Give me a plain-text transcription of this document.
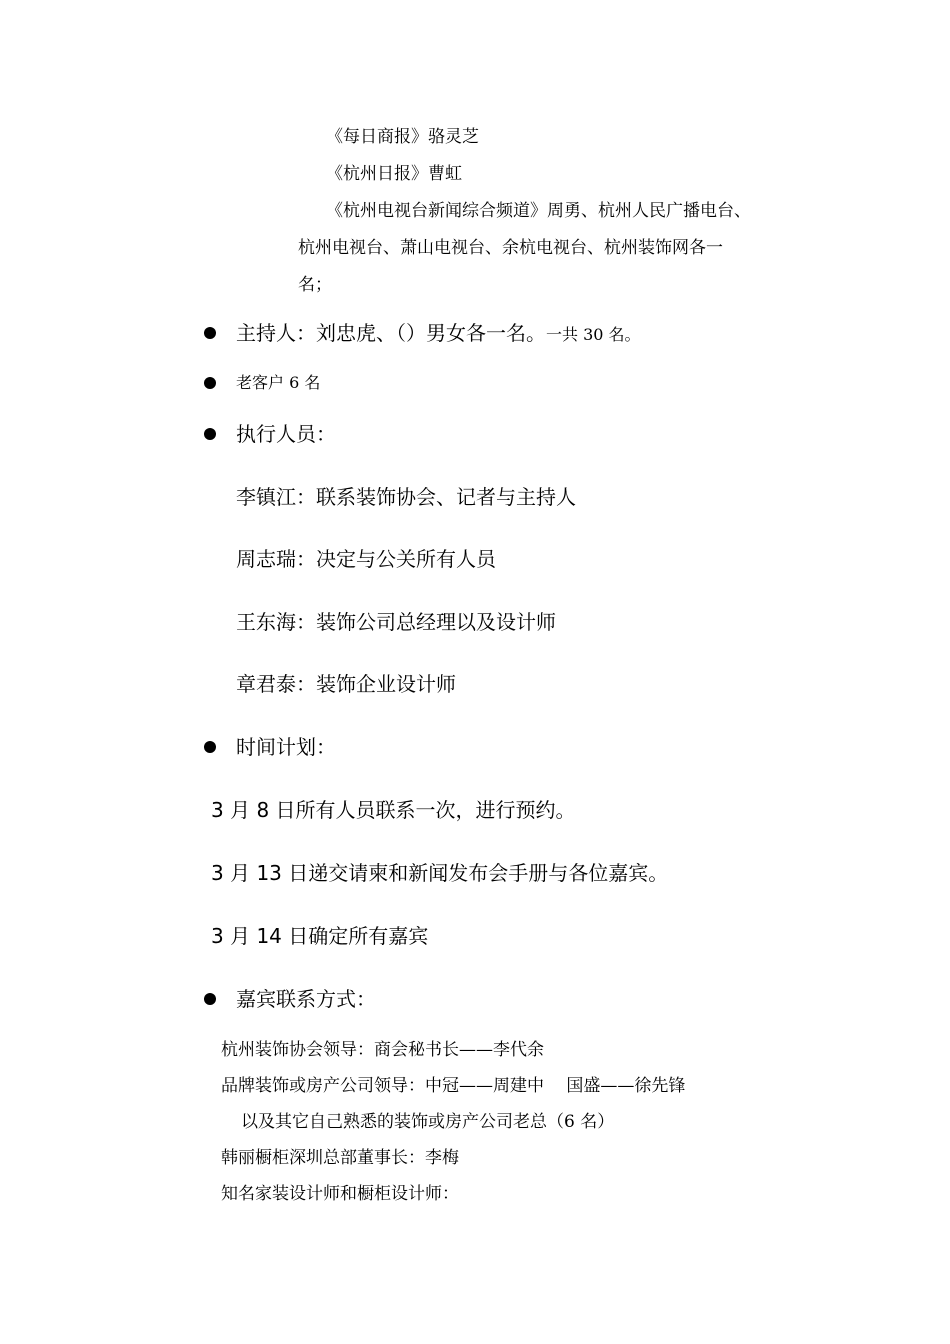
《每日商报》骆灵芝
《杭州日报》曹虹
《杭州电视台新闻综合频道》周勇、杭州人民广播电台、
杭州电视台、萧山电视台、余杭电视台、杭州装饰网各一
名；
主持人：刘忠虎、（）男女各一名。一共 30 名。
老客户 6 名
执行人员：
李镇江：联系装饰协会、记者与主持人
周志瑞：决定与公关所有人员
王东海：装饰公司总经理以及设计师
章君泰：装饰企业设计师
时间计划：
3 月 8 日所有人员联系一次，进行预约。
3 月 13 日递交请柬和新闻发布会手册与各位嘉宾。
3 月 14 日确定所有嘉宾
嘉宾联系方式：
杭州装饰协会领导：商会秘书长——李代余
品牌装饰或房产公司领导：中冠——周建中　 国盛——徐先锋
以及其它自己熟悉的装饰或房产公司老总（6 名）
韩丽橱柜深圳总部董事长：李梅
知名家装设计师和橱柜设计师：
